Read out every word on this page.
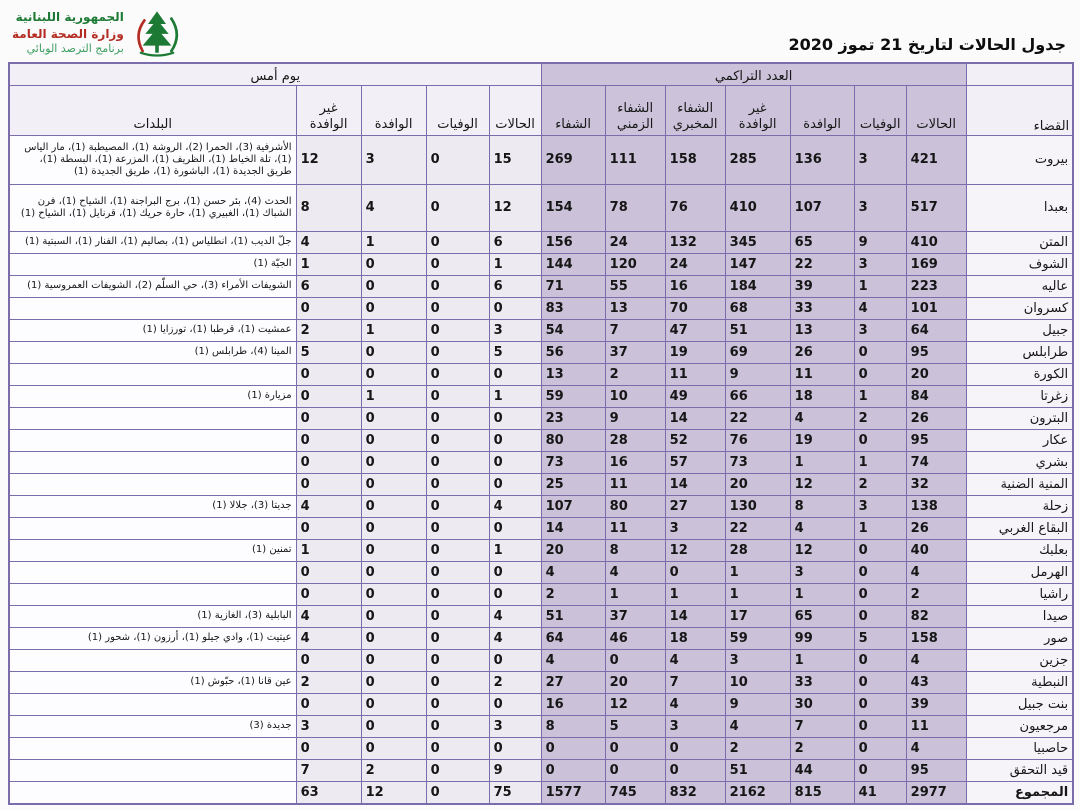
الجمهورية اللبنانية
وزارة الصحة العامة
برنامج الترصد الوبائي	جدول الحالات لتاريخ 21 تموز 2020
	العدد التراكمي							يوم أمس				
القضاء	الحالات	الوفيات	الوافدة	غير الوافدة	الشفاء المخبري	الشفاء الزمني	الشفاء	الحالات	الوفيات	الوافدة	غير الوافدة	البلدات
بيروت	421	3	136	285	158	111	269	15	0	3	12	الأشرفية (3)، الحمرا (2)، الروشة (1)، المصيطبة (1)، مار الياس (1)، تلة الخياط (1)، الظريف (1)، المزرعة (1)، البسطة (1)، طريق الجديدة (1)، الباشورة (1)، طريق الجديدة (1)
بعبدا	517	3	107	410	76	78	154	12	0	4	8	الحدث (4)، بئر حسن (1)، برج البراجنة (1)، الشياح (1)، فرن الشباك (1)، الغبيري (1)، حارة حريك (1)، قرنايل (1)، الشياح (1)
المتن	410	9	65	345	132	24	156	6	0	1	4	جلّ الديب (1)، انطلياس (1)، بصاليم (1)، الفنار (1)، السبتية (1)
الشوف	169	3	22	147	24	120	144	1	0	0	1	الجيّة (1)
عاليه	223	1	39	184	16	55	71	6	0	0	6	الشويفات الأمراء (3)، حي السلّم (2)، الشويفات العمروسية (1)
كسروان	101	4	33	68	70	13	83	0	0	0	0	
جبيل	64	3	13	51	47	7	54	3	0	1	2	عمشيت (1)، قرطبا (1)، تورزايا (1)
طرابلس	95	0	26	69	19	37	56	5	0	0	5	المينا (4)، طرابلس (1)
الكورة	20	0	11	9	11	2	13	0	0	0	0	
زغرتا	84	1	18	66	49	10	59	1	0	1	0	مزيارة (1)
البترون	26	2	4	22	14	9	23	0	0	0	0	
عكار	95	0	19	76	52	28	80	0	0	0	0	
بشري	74	1	1	73	57	16	73	0	0	0	0	
المنية الضنية	32	2	12	20	14	11	25	0	0	0	0	
زحلة	138	3	8	130	27	80	107	4	0	0	4	جديتا (3)، جلالا (1)
البقاع الغربي	26	1	4	22	3	11	14	0	0	0	0	
بعلبك	40	0	12	28	12	8	20	1	0	0	1	تمنين (1)
الهرمل	4	0	3	1	0	4	4	0	0	0	0	
راشيا	2	0	1	1	1	1	2	0	0	0	0	
صيدا	82	0	65	17	14	37	51	4	0	0	4	البابلية (3)، الغازية (1)
صور	158	5	99	59	18	46	64	4	0	0	4	عيتيت (1)، وادي جيلو (1)، أرزون (1)، شحور (1)
جزين	4	0	1	3	4	0	4	0	0	0	0	
النبطية	43	0	33	10	7	20	27	2	0	0	2	عين قانا (1)، حبّوش (1)
بنت جبيل	39	0	30	9	4	12	16	0	0	0	0	
مرجعيون	11	0	7	4	3	5	8	3	0	0	3	جديدة (3)
حاصبيا	4	0	2	2	0	0	0	0	0	0	0	
قيد التحقق	95	0	44	51	0	0	0	9	0	2	7	
المجموع	2977	41	815	2162	832	745	1577	75	0	12	63	
